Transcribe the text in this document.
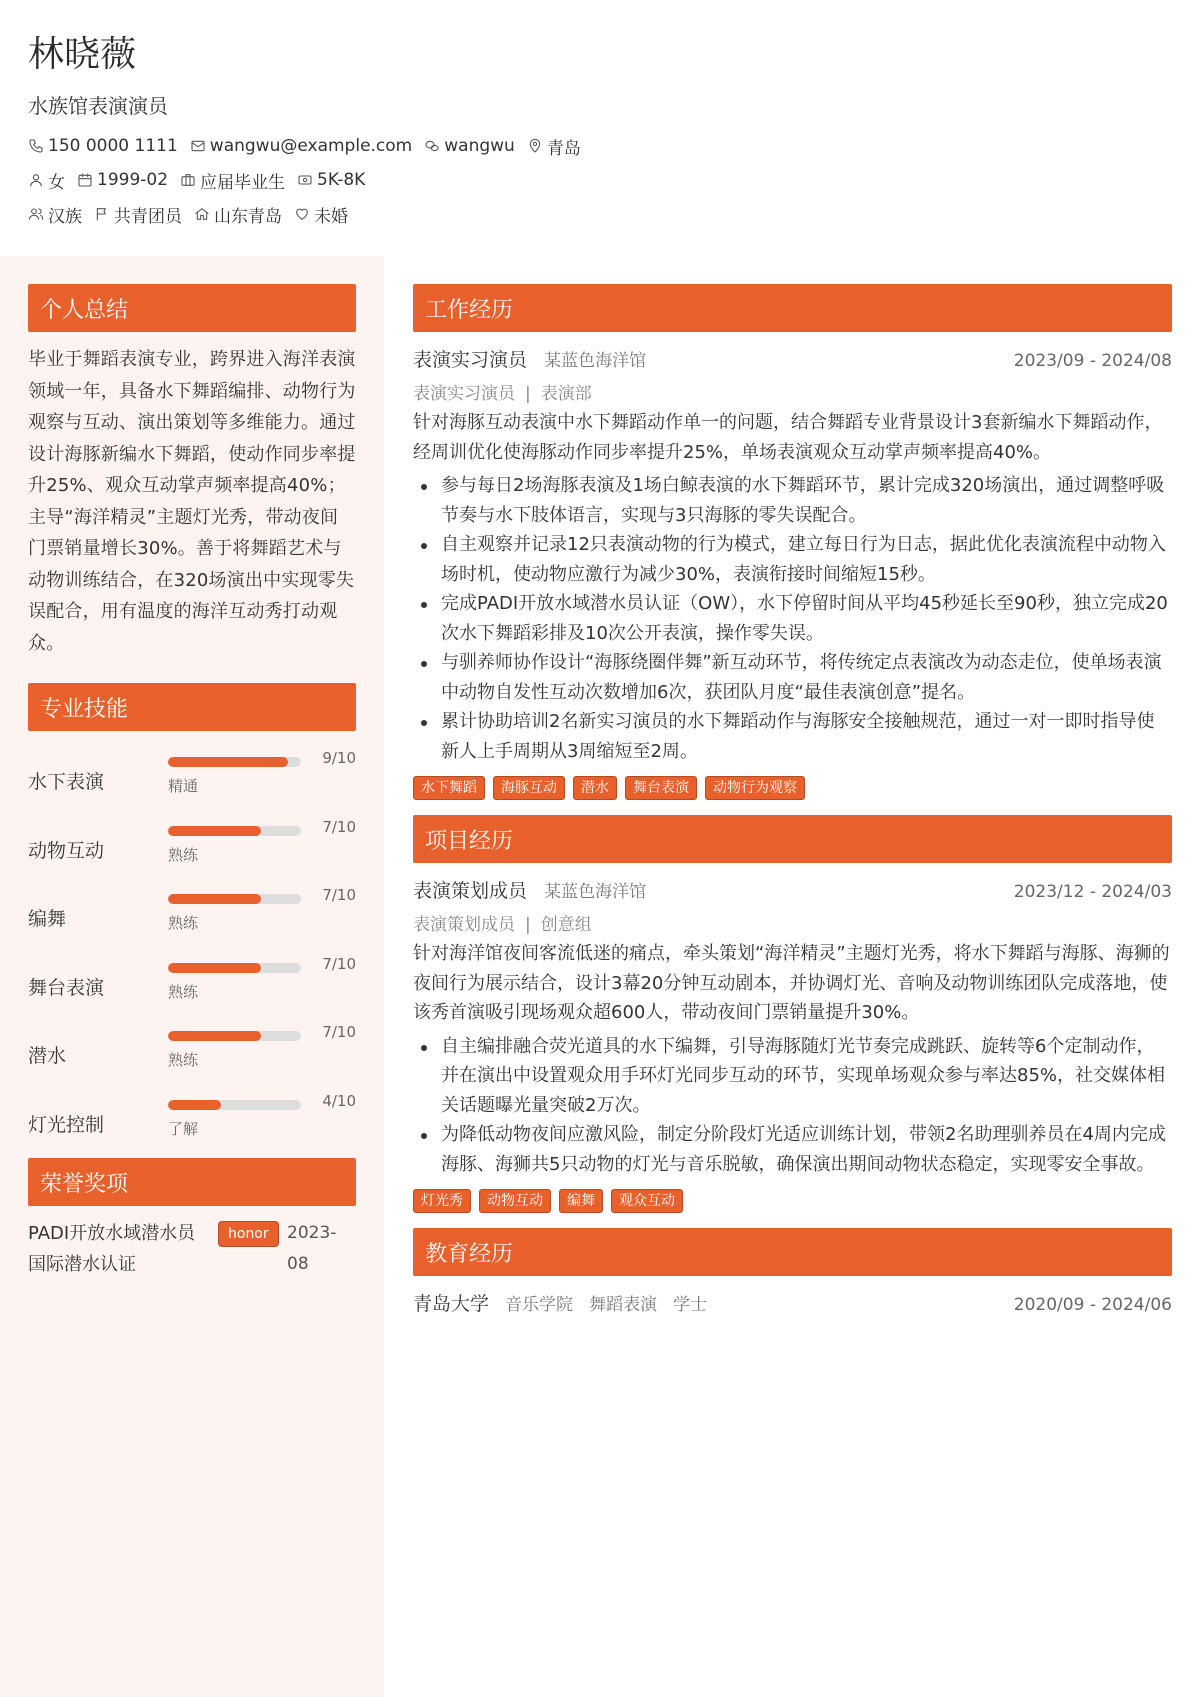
林晓薇
水族馆表演演员
150 0000 1111 wangwu@example.com wangwu 青岛
女 1999-02 应届毕业生 5K-8K
汉族 共青团员 山东青岛 未婚
个人总结
毕业于舞蹈表演专业，跨界进入海洋表演领域一年，具备水下舞蹈编排、动物行为观察与互动、演出策划等多维能力。通过设计海豚新编水下舞蹈，使动作同步率提升25%、观众互动掌声频率提高40%；主导“海洋精灵”主题灯光秀，带动夜间门票销量增长30%。善于将舞蹈艺术与动物训练结合，在320场演出中实现零失误配合，用有温度的海洋互动秀打动观众。
专业技能
水下表演
9/10
精通
动物互动
7/10
熟练
编舞
7/10
熟练
舞台表演
7/10
熟练
潜水
7/10
熟练
灯光控制
4/10
了解
荣誉奖项
PADI开放水域潜水员国际潜水认证
honor	2023-08
工作经历
表演实习演员 某蓝色海洋馆	2023/09 - 2024/08
表演实习演员 | 表演部
针对海豚互动表演中水下舞蹈动作单一的问题，结合舞蹈专业背景设计3套新编水下舞蹈动作，经周训优化使海豚动作同步率提升25%，单场表演观众互动掌声频率提高40%。
参与每日2场海豚表演及1场白鲸表演的水下舞蹈环节，累计完成320场演出，通过调整呼吸节奏与水下肢体语言，实现与3只海豚的零失误配合。
自主观察并记录12只表演动物的行为模式，建立每日行为日志，据此优化表演流程中动物入场时机，使动物应激行为减少30%，表演衔接时间缩短15秒。
完成PADI开放水域潜水员认证（OW），水下停留时间从平均45秒延长至90秒，独立完成20次水下舞蹈彩排及10次公开表演，操作零失误。
与驯养师协作设计“海豚绕圈伴舞”新互动环节，将传统定点表演改为动态走位，使单场表演中动物自发性互动次数增加6次，获团队月度“最佳表演创意”提名。
累计协助培训2名新实习演员的水下舞蹈动作与海豚安全接触规范，通过一对一即时指导使新人上手周期从3周缩短至2周。
水下舞蹈	海豚互动	潜水	舞台表演	动物行为观察
项目经历
表演策划成员 某蓝色海洋馆	2023/12 - 2024/03
表演策划成员 | 创意组
针对海洋馆夜间客流低迷的痛点，牵头策划“海洋精灵”主题灯光秀，将水下舞蹈与海豚、海狮的夜间行为展示结合，设计3幕20分钟互动剧本，并协调灯光、音响及动物训练团队完成落地，使该秀首演吸引现场观众超600人，带动夜间门票销量提升30%。
自主编排融合荧光道具的水下编舞，引导海豚随灯光节奏完成跳跃、旋转等6个定制动作，并在演出中设置观众用手环灯光同步互动的环节，实现单场观众参与率达85%，社交媒体相关话题曝光量突破2万次。
为降低动物夜间应激风险，制定分阶段灯光适应训练计划，带领2名助理驯养员在4周内完成海豚、海狮共5只动物的灯光与音乐脱敏，确保演出期间动物状态稳定，实现零安全事故。
灯光秀	动物互动	编舞	观众互动
教育经历
青岛大学 音乐学院 舞蹈表演 学士	2020/09 - 2024/06
